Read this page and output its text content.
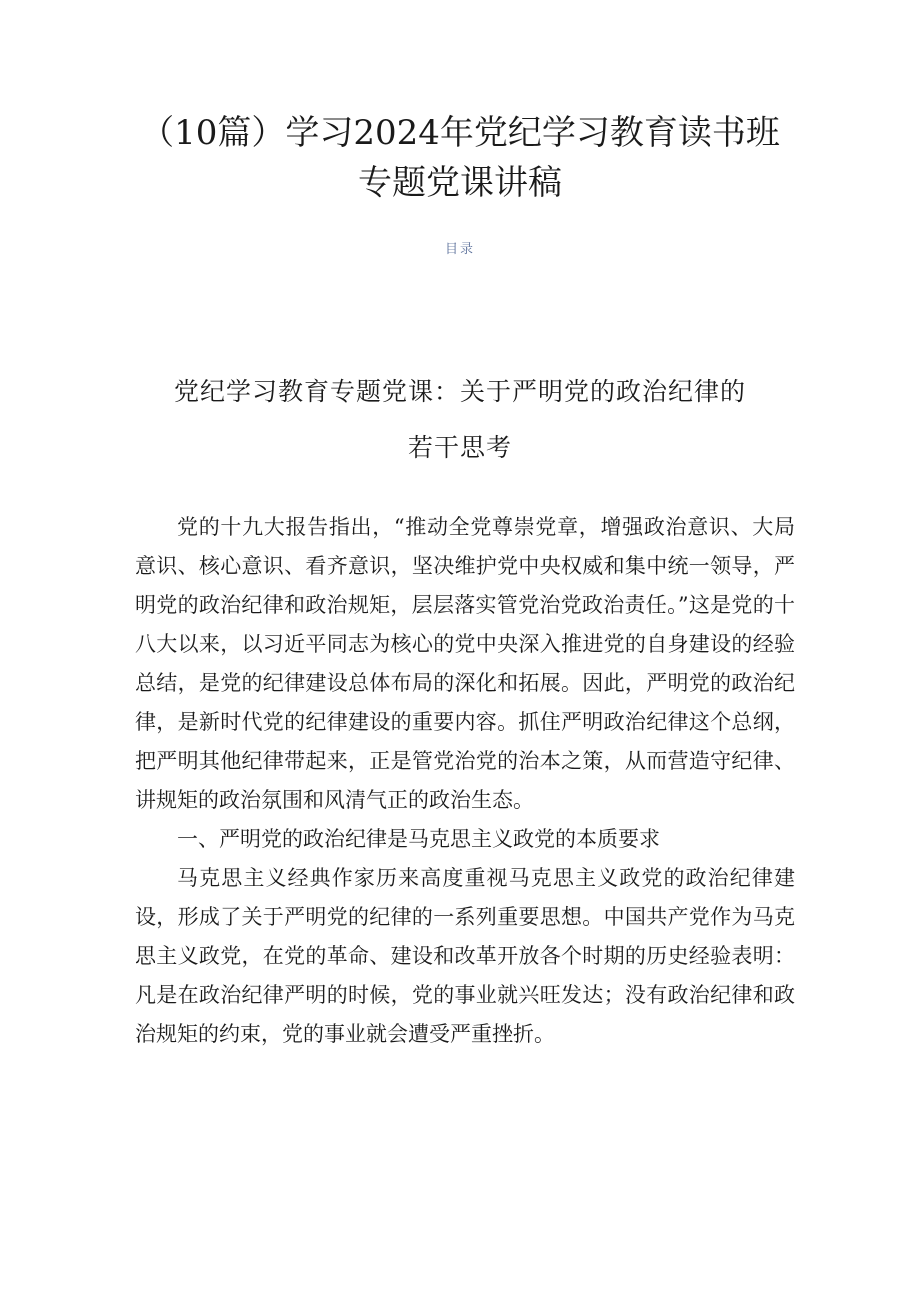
（10篇）学习2024年党纪学习教育读书班
专题党课讲稿
目录
党纪学习教育专题党课：关于严明党的政治纪律的
若干思考

党的十九大报告指出，“推动全党尊崇党章，增强政治意识、大局意识、核心意识、看齐意识，坚决维护党中央权威和集中统一领导，严明党的政治纪律和政治规矩，层层落实管党治党政治责任。”这是党的十八大以来，以习近平同志为核心的党中央深入推进党的自身建设的经验总结，是党的纪律建设总体布局的深化和拓展。因此，严明党的政治纪律，是新时代党的纪律建设的重要内容。抓住严明政治纪律这个总纲，把严明其他纪律带起来，正是管党治党的治本之策，从而营造守纪律、讲规矩的政治氛围和风清气正的政治生态。

一、严明党的政治纪律是马克思主义政党的本质要求

马克思主义经典作家历来高度重视马克思主义政党的政治纪律建设，形成了关于严明党的纪律的一系列重要思想。中国共产党作为马克思主义政党，在党的革命、建设和改革开放各个时期的历史经验表明：凡是在政治纪律严明的时候，党的事业就兴旺发达；没有政治纪律和政治规矩的约束，党的事业就会遭受严重挫折。
